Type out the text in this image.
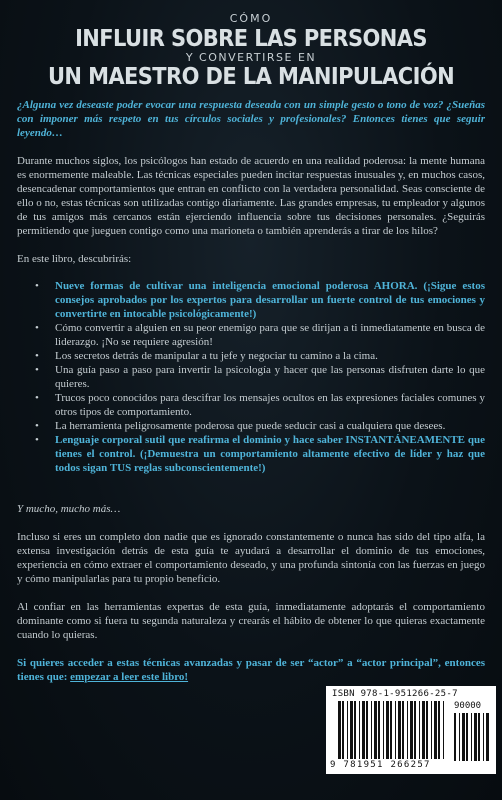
CÓMO
INFLUIR SOBRE LAS PERSONAS
Y CONVERTIRSE EN
UN MAESTRO DE LA MANIPULACIÓN

¿Alguna vez deseaste poder evocar una respuesta deseada con un simple gesto o tono de voz? ¿Sueñas con imponer más respeto en tus círculos sociales y profesionales? Entonces tienes que seguir leyendo…

Durante muchos siglos, los psicólogos han estado de acuerdo en una realidad poderosa: la mente humana es enormemente maleable. Las técnicas especiales pueden incitar respuestas inusuales y, en muchos casos, desencadenar comportamientos que entran en conflicto con la verdadera personalidad. Seas consciente de ello o no, estas técnicas son utilizadas contigo diariamente. Las grandes empresas, tu empleador y algunos de tus amigos más cercanos están ejerciendo influencia sobre tus decisiones personales. ¿Seguirás permitiendo que jueguen contigo como una marioneta o también aprenderás a tirar de los hilos?

En este libro, descubrirás:

• Nueve formas de cultivar una inteligencia emocional poderosa AHORA. (¡Sigue estos consejos aprobados por los expertos para desarrollar un fuerte control de tus emociones y convertirte en intocable psicológicamente!)
• Cómo convertir a alguien en su peor enemigo para que se dirijan a ti inmediatamente en busca de liderazgo. ¡No se requiere agresión!
• Los secretos detrás de manipular a tu jefe y negociar tu camino a la cima.
• Una guía paso a paso para invertir la psicología y hacer que las personas disfruten darte lo que quieres.
• Trucos poco conocidos para descifrar los mensajes ocultos en las expresiones faciales comunes y otros tipos de comportamiento.
• La herramienta peligrosamente poderosa que puede seducir casi a cualquiera que desees.
• Lenguaje corporal sutil que reafirma el dominio y hace saber INSTANTÁNEAMENTE que tienes el control. (¡Demuestra un comportamiento altamente efectivo de líder y haz que todos sigan TUS reglas subconscientemente!)

Y mucho, mucho más…

Incluso si eres un completo don nadie que es ignorado constantemente o nunca has sido del tipo alfa, la extensa investigación detrás de esta guía te ayudará a desarrollar el dominio de tus emociones, experiencia en cómo extraer el comportamiento deseado, y una profunda sintonía con las fuerzas en juego y cómo manipularlas para tu propio beneficio.

Al confiar en las herramientas expertas de esta guía, inmediatamente adoptarás el comportamiento dominante como si fuera tu segunda naturaleza y crearás el hábito de obtener lo que quieras exactamente cuando lo quieras.

Si quieres acceder a estas técnicas avanzadas y pasar de ser “actor” a “actor principal”, entonces tienes que: empezar a leer este libro!

ISBN 978-1-951266-25-7
90000
9 781951 266257
